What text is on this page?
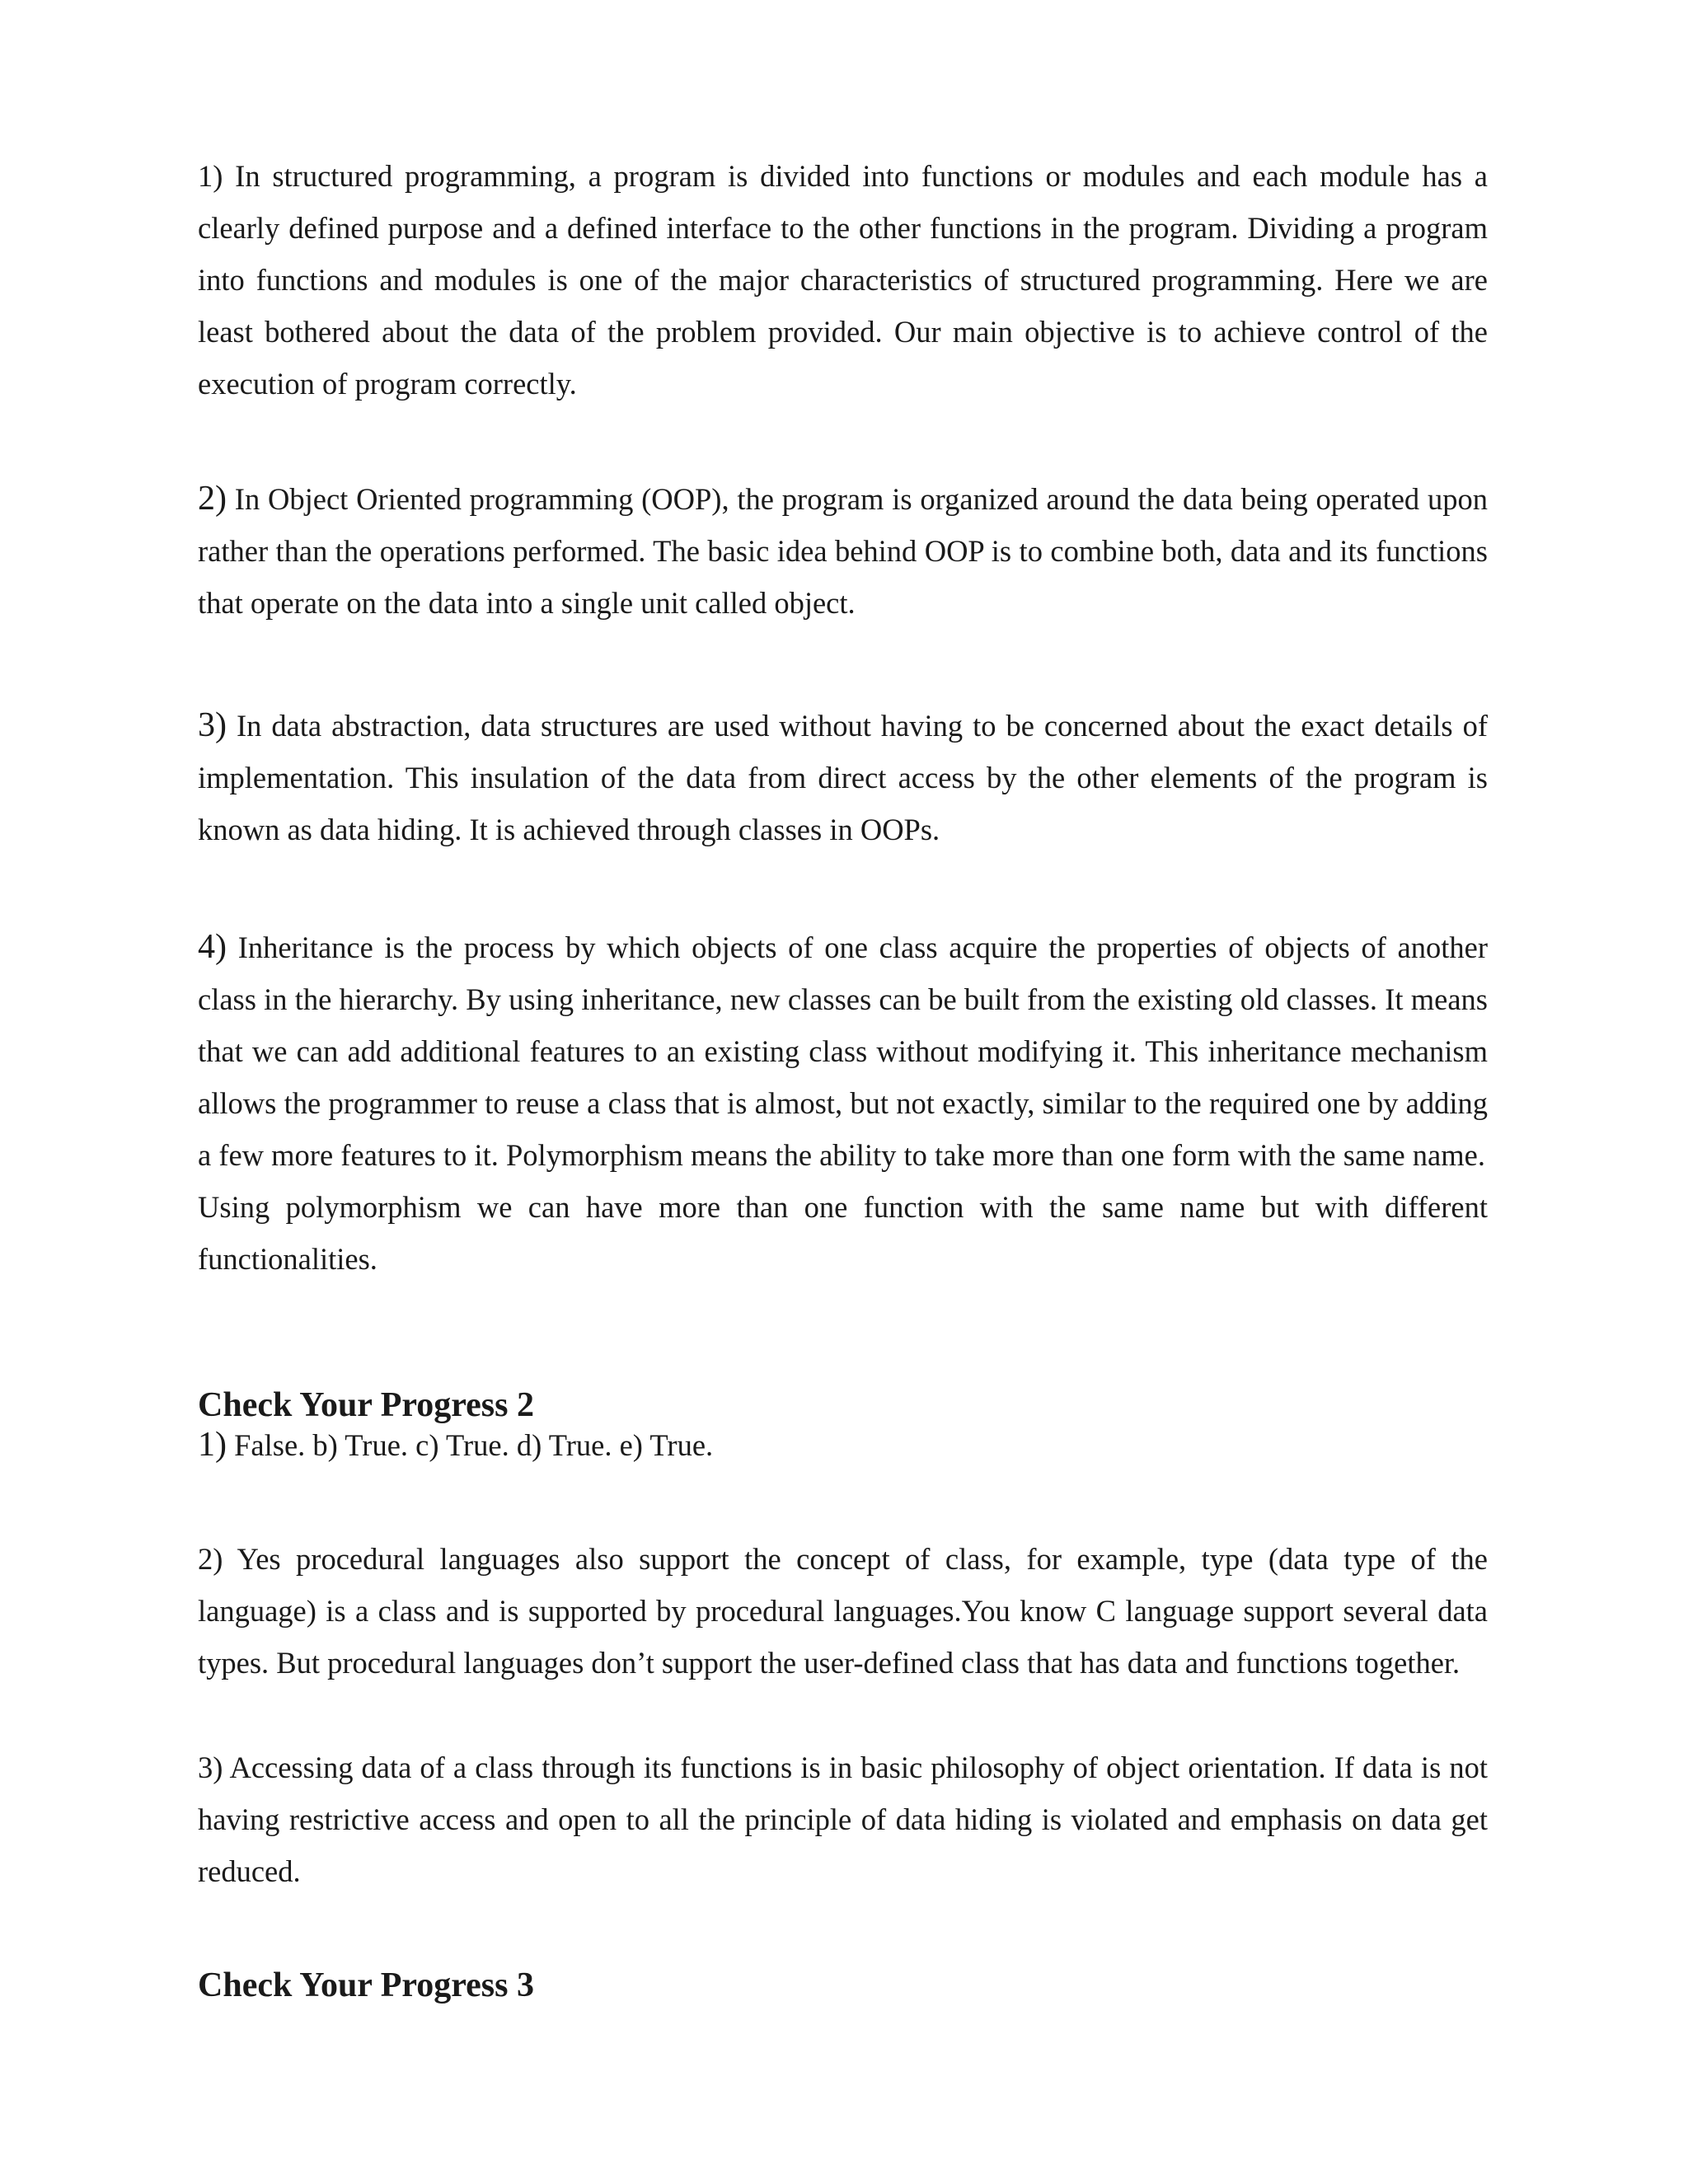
1) In structured programming, a program is divided into functions or modules and each module has a clearly defined purpose and a defined interface to the other functions in the program. Dividing a program into functions and modules is one of the major characteristics of structured programming. Here we are least bothered about the data of the problem provided. Our main objective is to achieve control of the execution of program correctly.

2) In Object Oriented programming (OOP), the program is organized around the data being operated upon rather than the operations performed. The basic idea behind OOP is to combine both, data and its functions that operate on the data into a single unit called object.

3) In data abstraction, data structures are used without having to be concerned about the exact details of implementation. This insulation of the data from direct access by the other elements of the program is known as data hiding. It is achieved through classes in OOPs.

4) Inheritance is the process by which objects of one class acquire the properties of objects of another class in the hierarchy. By using inheritance, new classes can be built from the existing old classes. It means that we can add additional features to an existing class without modifying it. This inheritance mechanism allows the programmer to reuse a class that is almost, but not exactly, similar to the required one by adding a few more features to it. Polymorphism means the ability to take more than one form with the same name.
Using polymorphism we can have more than one function with the same name but with different functionalities.

Check Your Progress 2

1) False. b) True. c) True. d) True. e) True.

2) Yes procedural languages also support the concept of class, for example, type (data type of the language) is a class and is supported by procedural languages.You know C language support several data types. But procedural languages don’t support the user-defined class that has data and functions together.

3) Accessing data of a class through its functions is in basic philosophy of object orientation. If data is not having restrictive access and open to all the principle of data hiding is violated and emphasis on data get reduced.

Check Your Progress 3
